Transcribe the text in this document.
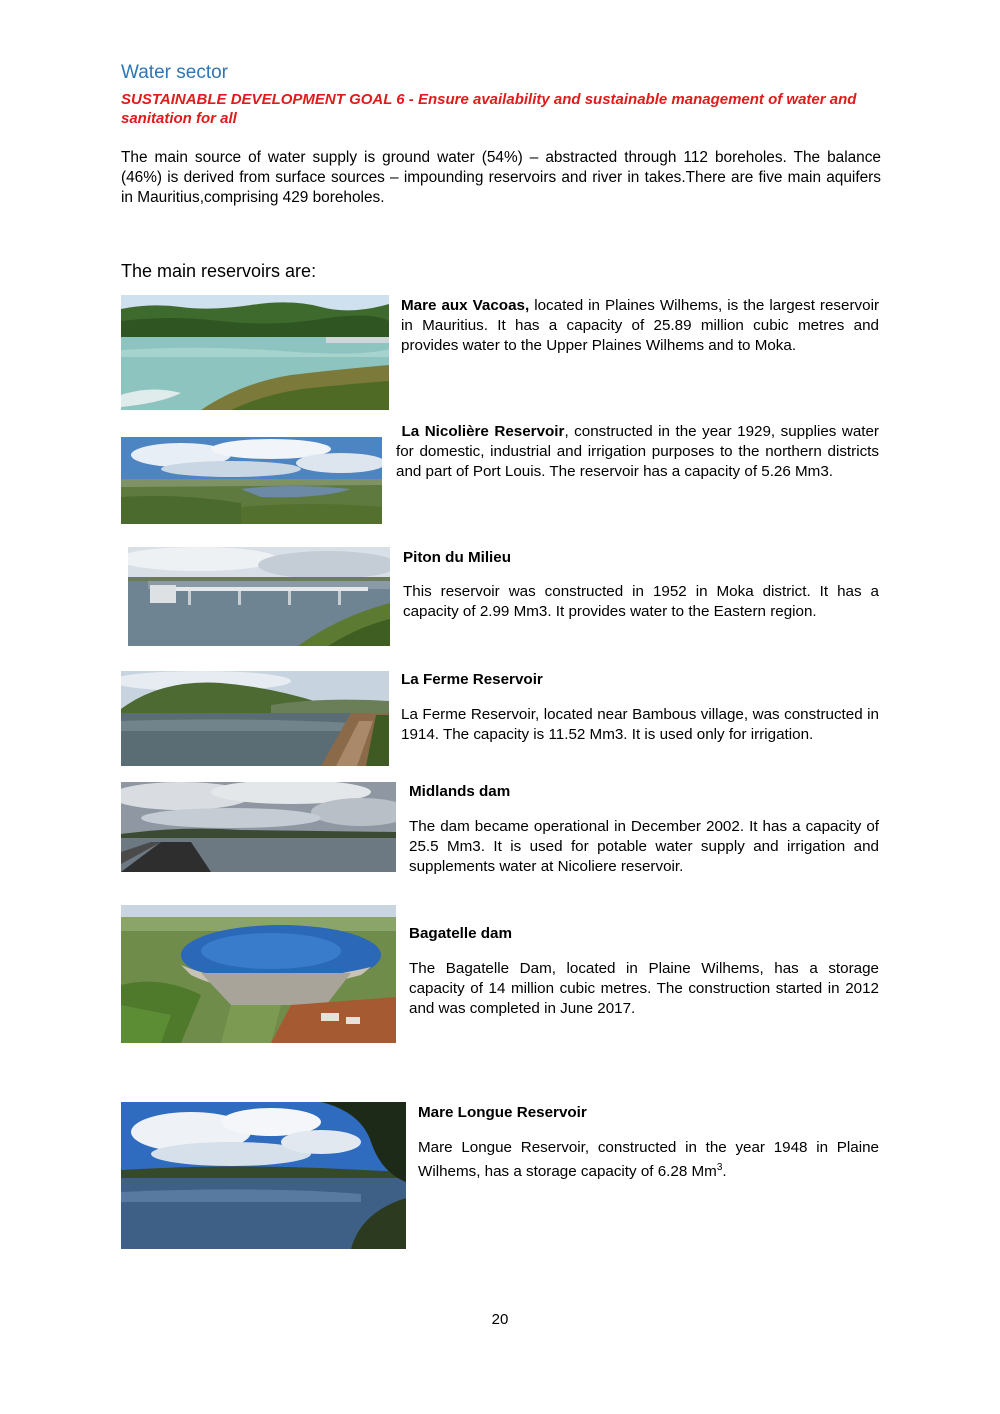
Water sector
SUSTAINABLE DEVELOPMENT GOAL 6 - Ensure availability and sustainable management of water and sanitation for all
The main source of water supply is ground water (54%) – abstracted through 112 boreholes. The balance (46%) is derived from surface sources – impounding reservoirs and river in takes.There are five main aquifers in Mauritius,comprising 429 boreholes.
The main reservoirs are:
Mare aux Vacoas, located in Plaines Wilhems, is the largest reservoir in Mauritius. It has a capacity of 25.89 million cubic metres and provides water to the Upper Plaines Wilhems and to Moka.
La Nicolière Reservoir, constructed in the year 1929, supplies water for domestic, industrial and irrigation purposes to the northern districts and part of Port Louis. The reservoir has a capacity of 5.26 Mm3.
Piton du Milieu
This reservoir was constructed in 1952 in Moka district. It has a capacity of 2.99 Mm3. It provides water to the Eastern region.
La Ferme Reservoir
La Ferme Reservoir, located near Bambous village, was constructed in 1914. The capacity is 11.52 Mm3. It is used only for irrigation.
Midlands dam
The dam became operational in December 2002. It has a capacity of 25.5 Mm3. It is used for potable water supply and irrigation and supplements water at Nicoliere reservoir.
Bagatelle dam
The Bagatelle Dam, located in Plaine Wilhems, has a storage capacity of 14 million cubic metres. The construction started in 2012 and was completed in June 2017.
Mare Longue Reservoir
Mare Longue Reservoir, constructed in the year 1948 in Plaine Wilhems, has a storage capacity of 6.28 Mm$^3$.
20
